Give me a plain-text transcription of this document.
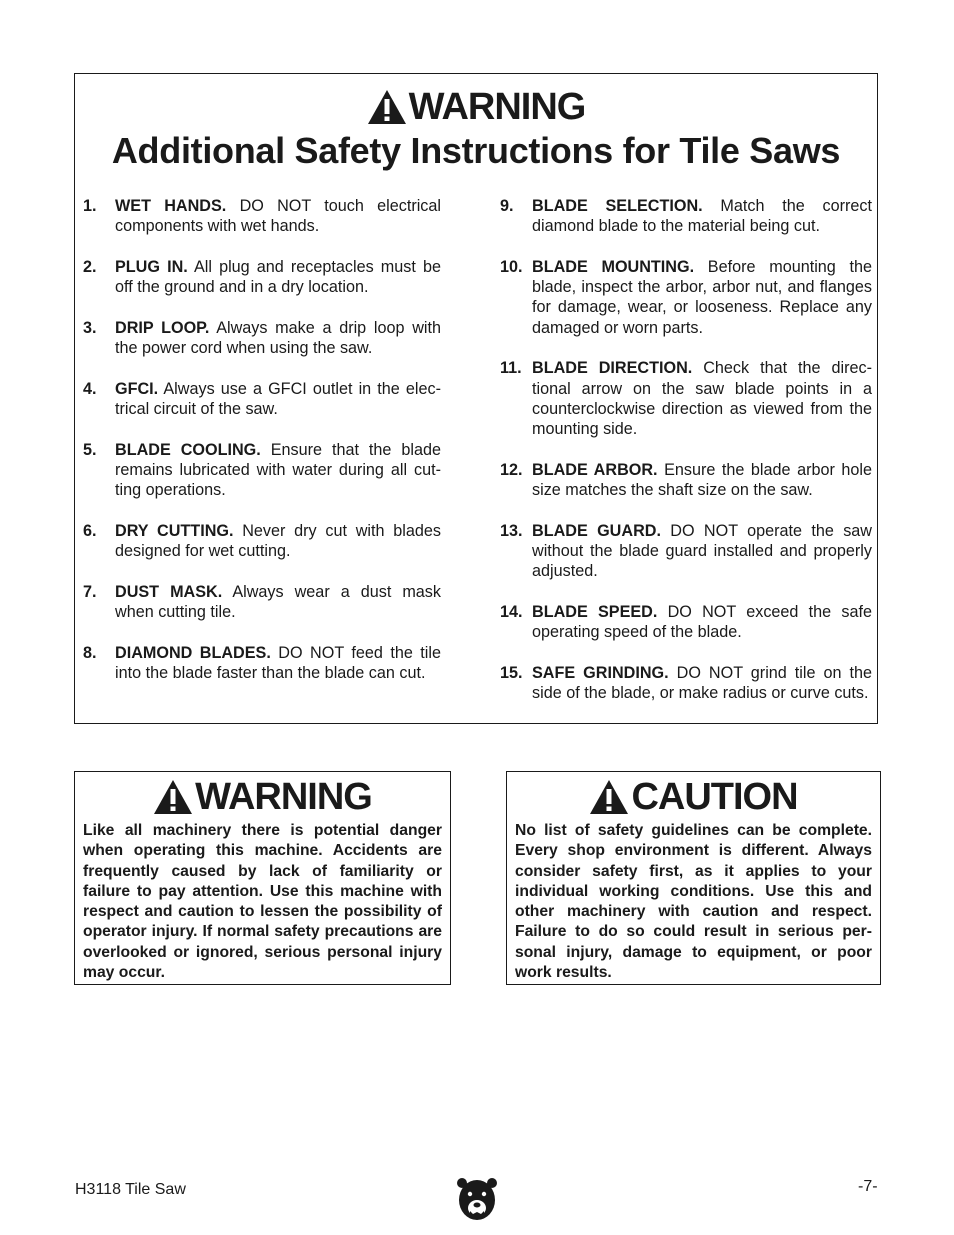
WARNING
Additional Safety Instructions for Tile Saws
1.	WET HANDS. DO NOT touch electrical components with wet hands.
2.	PLUG IN. All plug and receptacles must be off the ground and in a dry location.
3.	DRIP LOOP. Always make a drip loop with the power cord when using the saw.
4.	GFCI. Always use a GFCI outlet in the electrical circuit of the saw.
5.	BLADE COOLING. Ensure that the blade remains lubricated with water during all cutting operations.
6.	DRY CUTTING. Never dry cut with blades designed for wet cutting.
7.	DUST MASK. Always wear a dust mask when cutting tile.
8.	DIAMOND BLADES. DO NOT feed the tile into the blade faster than the blade can cut.
9.	BLADE SELECTION. Match the correct diamond blade to the material being cut.
10. BLADE MOUNTING. Before mounting the blade, inspect the arbor, arbor nut, and flanges for damage, wear, or looseness. Replace any damaged or worn parts.
11. BLADE DIRECTION. Check that the directional arrow on the saw blade points in a counterclockwise direction as viewed from the mounting side.
12. BLADE ARBOR. Ensure the blade arbor hole size matches the shaft size on the saw.
13. BLADE GUARD. DO NOT operate the saw without the blade guard installed and properly adjusted.
14. BLADE SPEED. DO NOT exceed the safe operating speed of the blade.
15. SAFE GRINDING. DO NOT grind tile on the side of the blade, or make radius or curve cuts.
WARNING
Like all machinery there is potential danger when operating this machine. Accidents are frequently caused by lack of familiarity or failure to pay attention. Use this machine with respect and caution to lessen the possibility of operator injury. If normal safety precautions are overlooked or ignored, serious personal injury may occur.
CAUTION
No list of safety guidelines can be complete. Every shop environment is different. Always consider safety first, as it applies to your individual working conditions. Use this and other machinery with caution and respect. Failure to do so could result in serious personal injury, damage to equipment, or poor work results.
H3118 Tile Saw	-7-
